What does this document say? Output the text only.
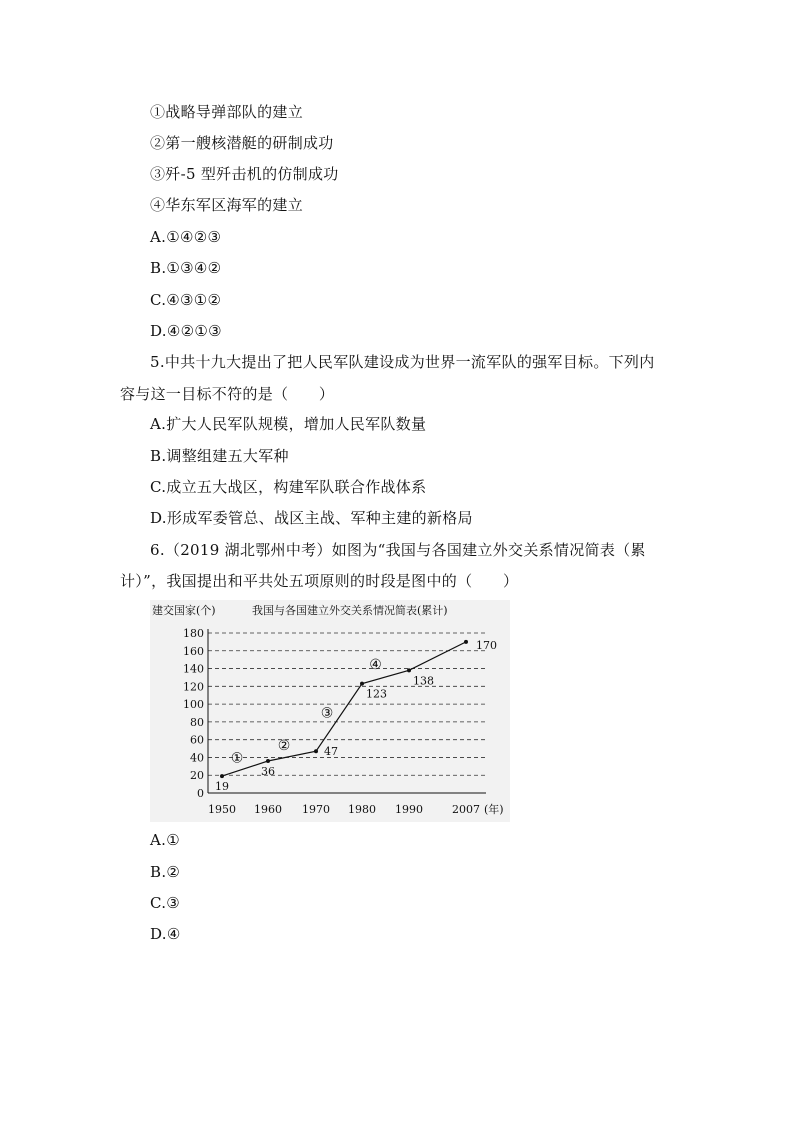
①战略导弹部队的建立
②第一艘核潜艇的研制成功
③歼-5 型歼击机的仿制成功
④华东军区海军的建立
A.①④②③
B.①③④②
C.④③①②
D.④②①③
5.中共十九大提出了把人民军队建设成为世界一流军队的强军目标。下列内
容与这一目标不符的是（　　）
A.扩大人民军队规模，增加人民军队数量
B.调整组建五大军种
C.成立五大战区，构建军队联合作战体系
D.形成军委管总、战区主战、军种主建的新格局
6.（2019 湖北鄂州中考）如图为“我国与各国建立外交关系情况简表（累
计）”，我国提出和平共处五项原则的时段是图中的（　　）
建交国家(个)	我国与各国建立外交关系情况简表(累计)
(年)
0
20
40
60
80
100
120
140
160
180
1950 1960 1970 1980 1990	2007
19
36
47
123
138
170
①
②
③
④
A.①
B.②
C.③
D.④
